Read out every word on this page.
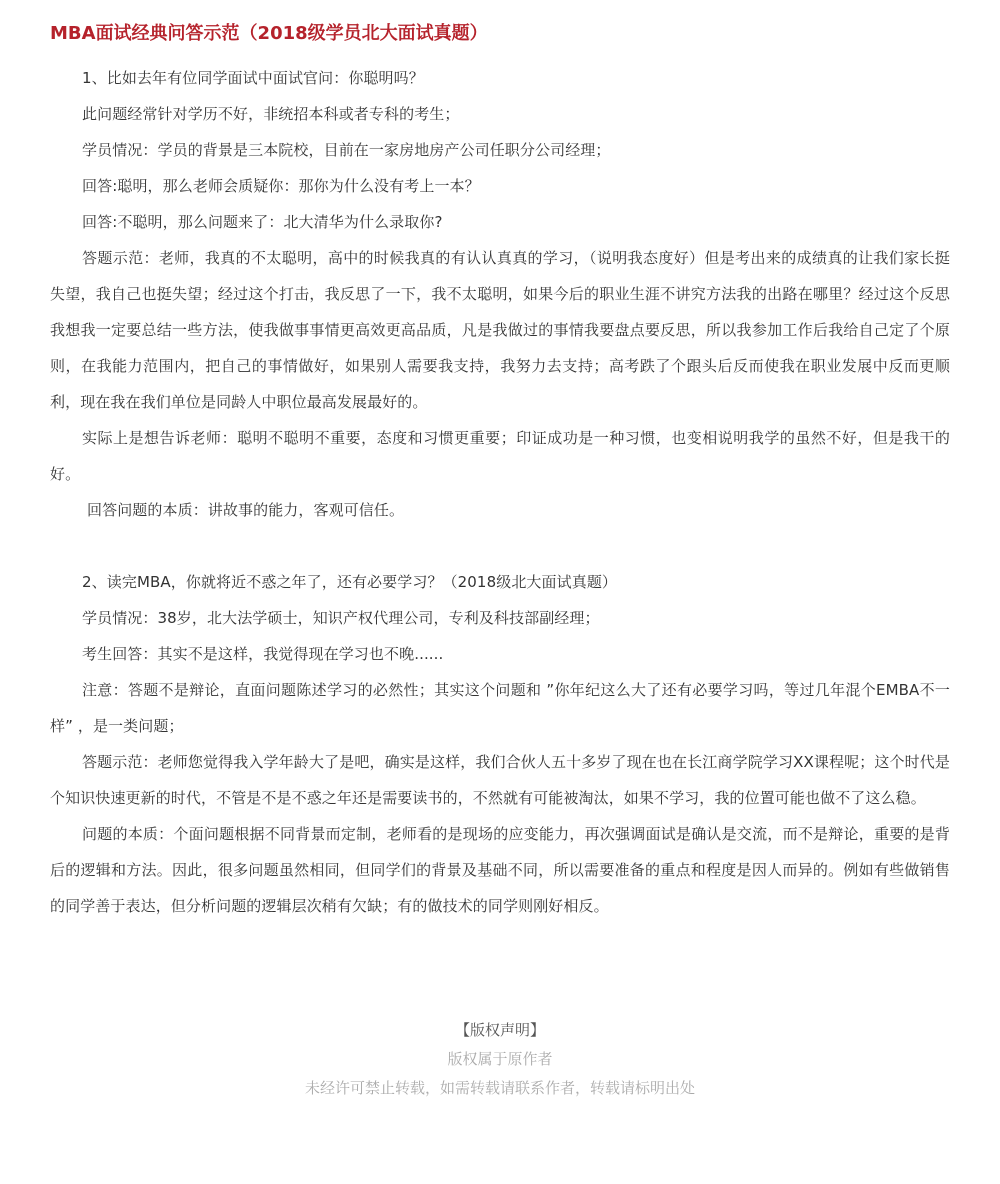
MBA面试经典问答示范（2018级学员北大面试真题）

1、比如去年有位同学面试中面试官问：你聪明吗？

此问题经常针对学历不好，非统招本科或者专科的考生；

学员情况：学员的背景是三本院校，目前在一家房地房产公司任职分公司经理；

回答:聪明，那么老师会质疑你：那你为什么没有考上一本？

回答:不聪明，那么问题来了：北大清华为什么录取你?

答题示范：老师，我真的不太聪明，高中的时候我真的有认认真真的学习，（说明我态度好）但是考出来的成绩真的让我们家长挺失望，我自己也挺失望；经过这个打击，我反思了一下，我不太聪明，如果今后的职业生涯不讲究方法我的出路在哪里？经过这个反思我想我一定要总结一些方法，使我做事事情更高效更高品质，凡是我做过的事情我要盘点要反思，所以我参加工作后我给自己定了个原则，在我能力范围内，把自己的事情做好，如果别人需要我支持，我努力去支持；高考跌了个跟头后反而使我在职业发展中反而更顺利，现在我在我们单位是同龄人中职位最高发展最好的。

实际上是想告诉老师：聪明不聪明不重要，态度和习惯更重要；印证成功是一种习惯，也变相说明我学的虽然不好，但是我干的好。

回答问题的本质：讲故事的能力，客观可信任。

2、读完MBA，你就将近不惑之年了，还有必要学习？（2018级北大面试真题）

学员情况：38岁，北大法学硕士，知识产权代理公司，专利及科技部副经理；

考生回答：其实不是这样，我觉得现在学习也不晚......

注意：答题不是辩论，直面问题陈述学习的必然性；其实这个问题和 ”你年纪这么大了还有必要学习吗，等过几年混个EMBA不一样” ，是一类问题；

答题示范：老师您觉得我入学年龄大了是吧，确实是这样，我们合伙人五十多岁了现在也在长江商学院学习XX课程呢；这个时代是个知识快速更新的时代，不管是不是不惑之年还是需要读书的，不然就有可能被淘汰，如果不学习，我的位置可能也做不了这么稳。

问题的本质：个面问题根据不同背景而定制，老师看的是现场的应变能力，再次强调面试是确认是交流，而不是辩论，重要的是背后的逻辑和方法。因此，很多问题虽然相同，但同学们的背景及基础不同，所以需要准备的重点和程度是因人而异的。例如有些做销售的同学善于表达，但分析问题的逻辑层次稍有欠缺；有的做技术的同学则刚好相反。

【版权声明】
版权属于原作者
未经许可禁止转载，如需转载请联系作者，转载请标明出处
